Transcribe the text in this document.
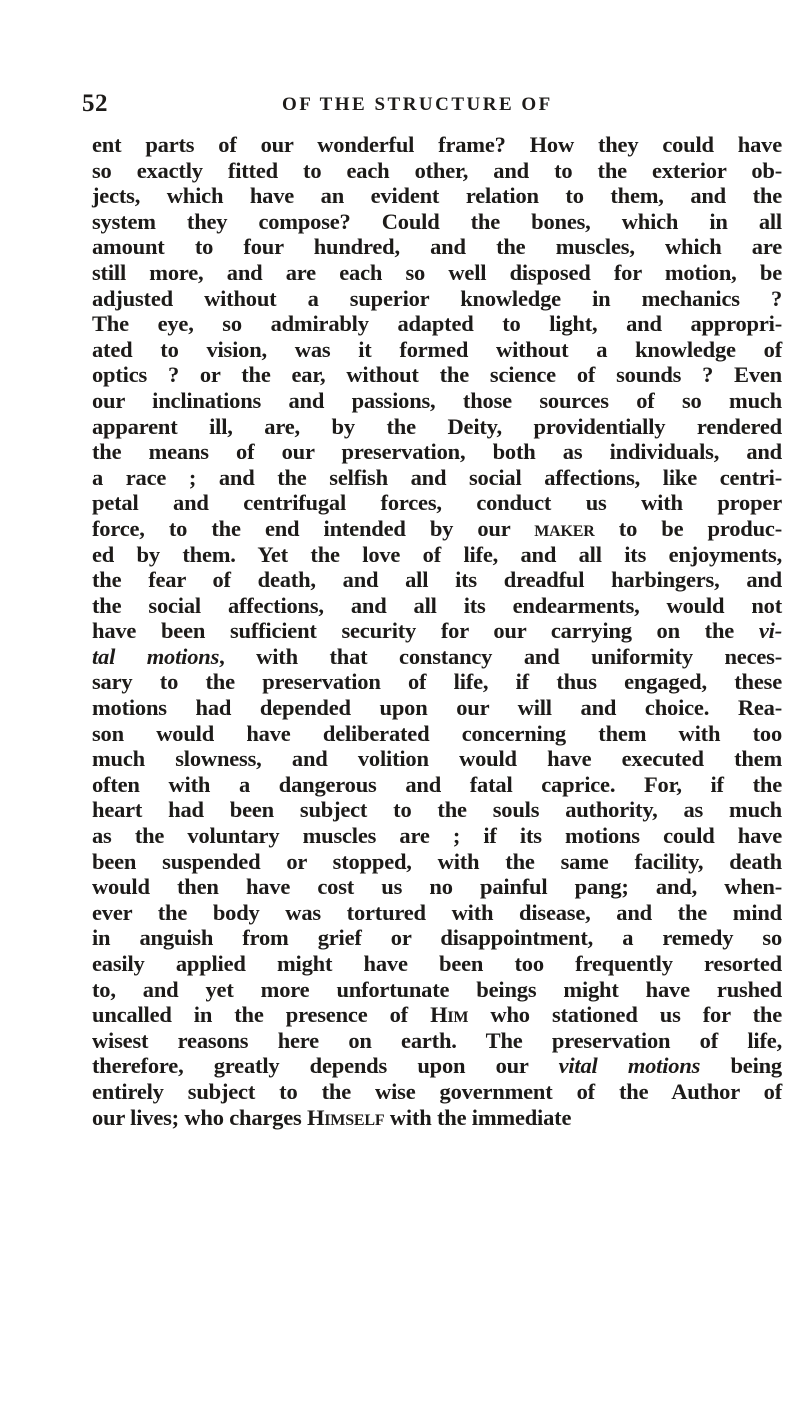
52	OF THE STRUCTURE OF
ent parts of our wonderful frame? How they could have
so exactly fitted to each other, and to the exterior ob-
jects, which have an evident relation to them, and the
system they compose? Could the bones, which in all
amount to four hundred, and the muscles, which are
still more, and are each so well disposed for motion, be
adjusted without a superior knowledge in mechanics ?
The eye, so admirably adapted to light, and appropri-
ated to vision, was it formed without a knowledge of
optics ? or the ear, without the science of sounds ? Even
our inclinations and passions, those sources of so much
apparent ill, are, by the Deity, providentially rendered
the means of our preservation, both as individuals, and
a race ; and the selfish and social affections, like centri-
petal and centrifugal forces, conduct us with proper
force, to the end intended by our maker to be produc-
ed by them. Yet the love of life, and all its enjoyments,
the fear of death, and all its dreadful harbingers, and
the social affections, and all its endearments, would not
have been sufficient security for our carrying on the vi-
tal motions, with that constancy and uniformity neces-
sary to the preservation of life, if thus engaged, these
motions had depended upon our will and choice. Rea-
son would have deliberated concerning them with too
much slowness, and volition would have executed them
often with a dangerous and fatal caprice. For, if the
heart had been subject to the souls authority, as much
as the voluntary muscles are ; if its motions could have
been suspended or stopped, with the same facility, death
would then have cost us no painful pang; and, when-
ever the body was tortured with disease, and the mind
in anguish from grief or disappointment, a remedy so
easily applied might have been too frequently resorted
to, and yet more unfortunate beings might have rushed
uncalled in the presence of Him who stationed us for the
wisest reasons here on earth. The preservation of life,
therefore, greatly depends upon our vital motions being
entirely subject to the wise government of the Author of
our lives; who charges Himself with the immediate
